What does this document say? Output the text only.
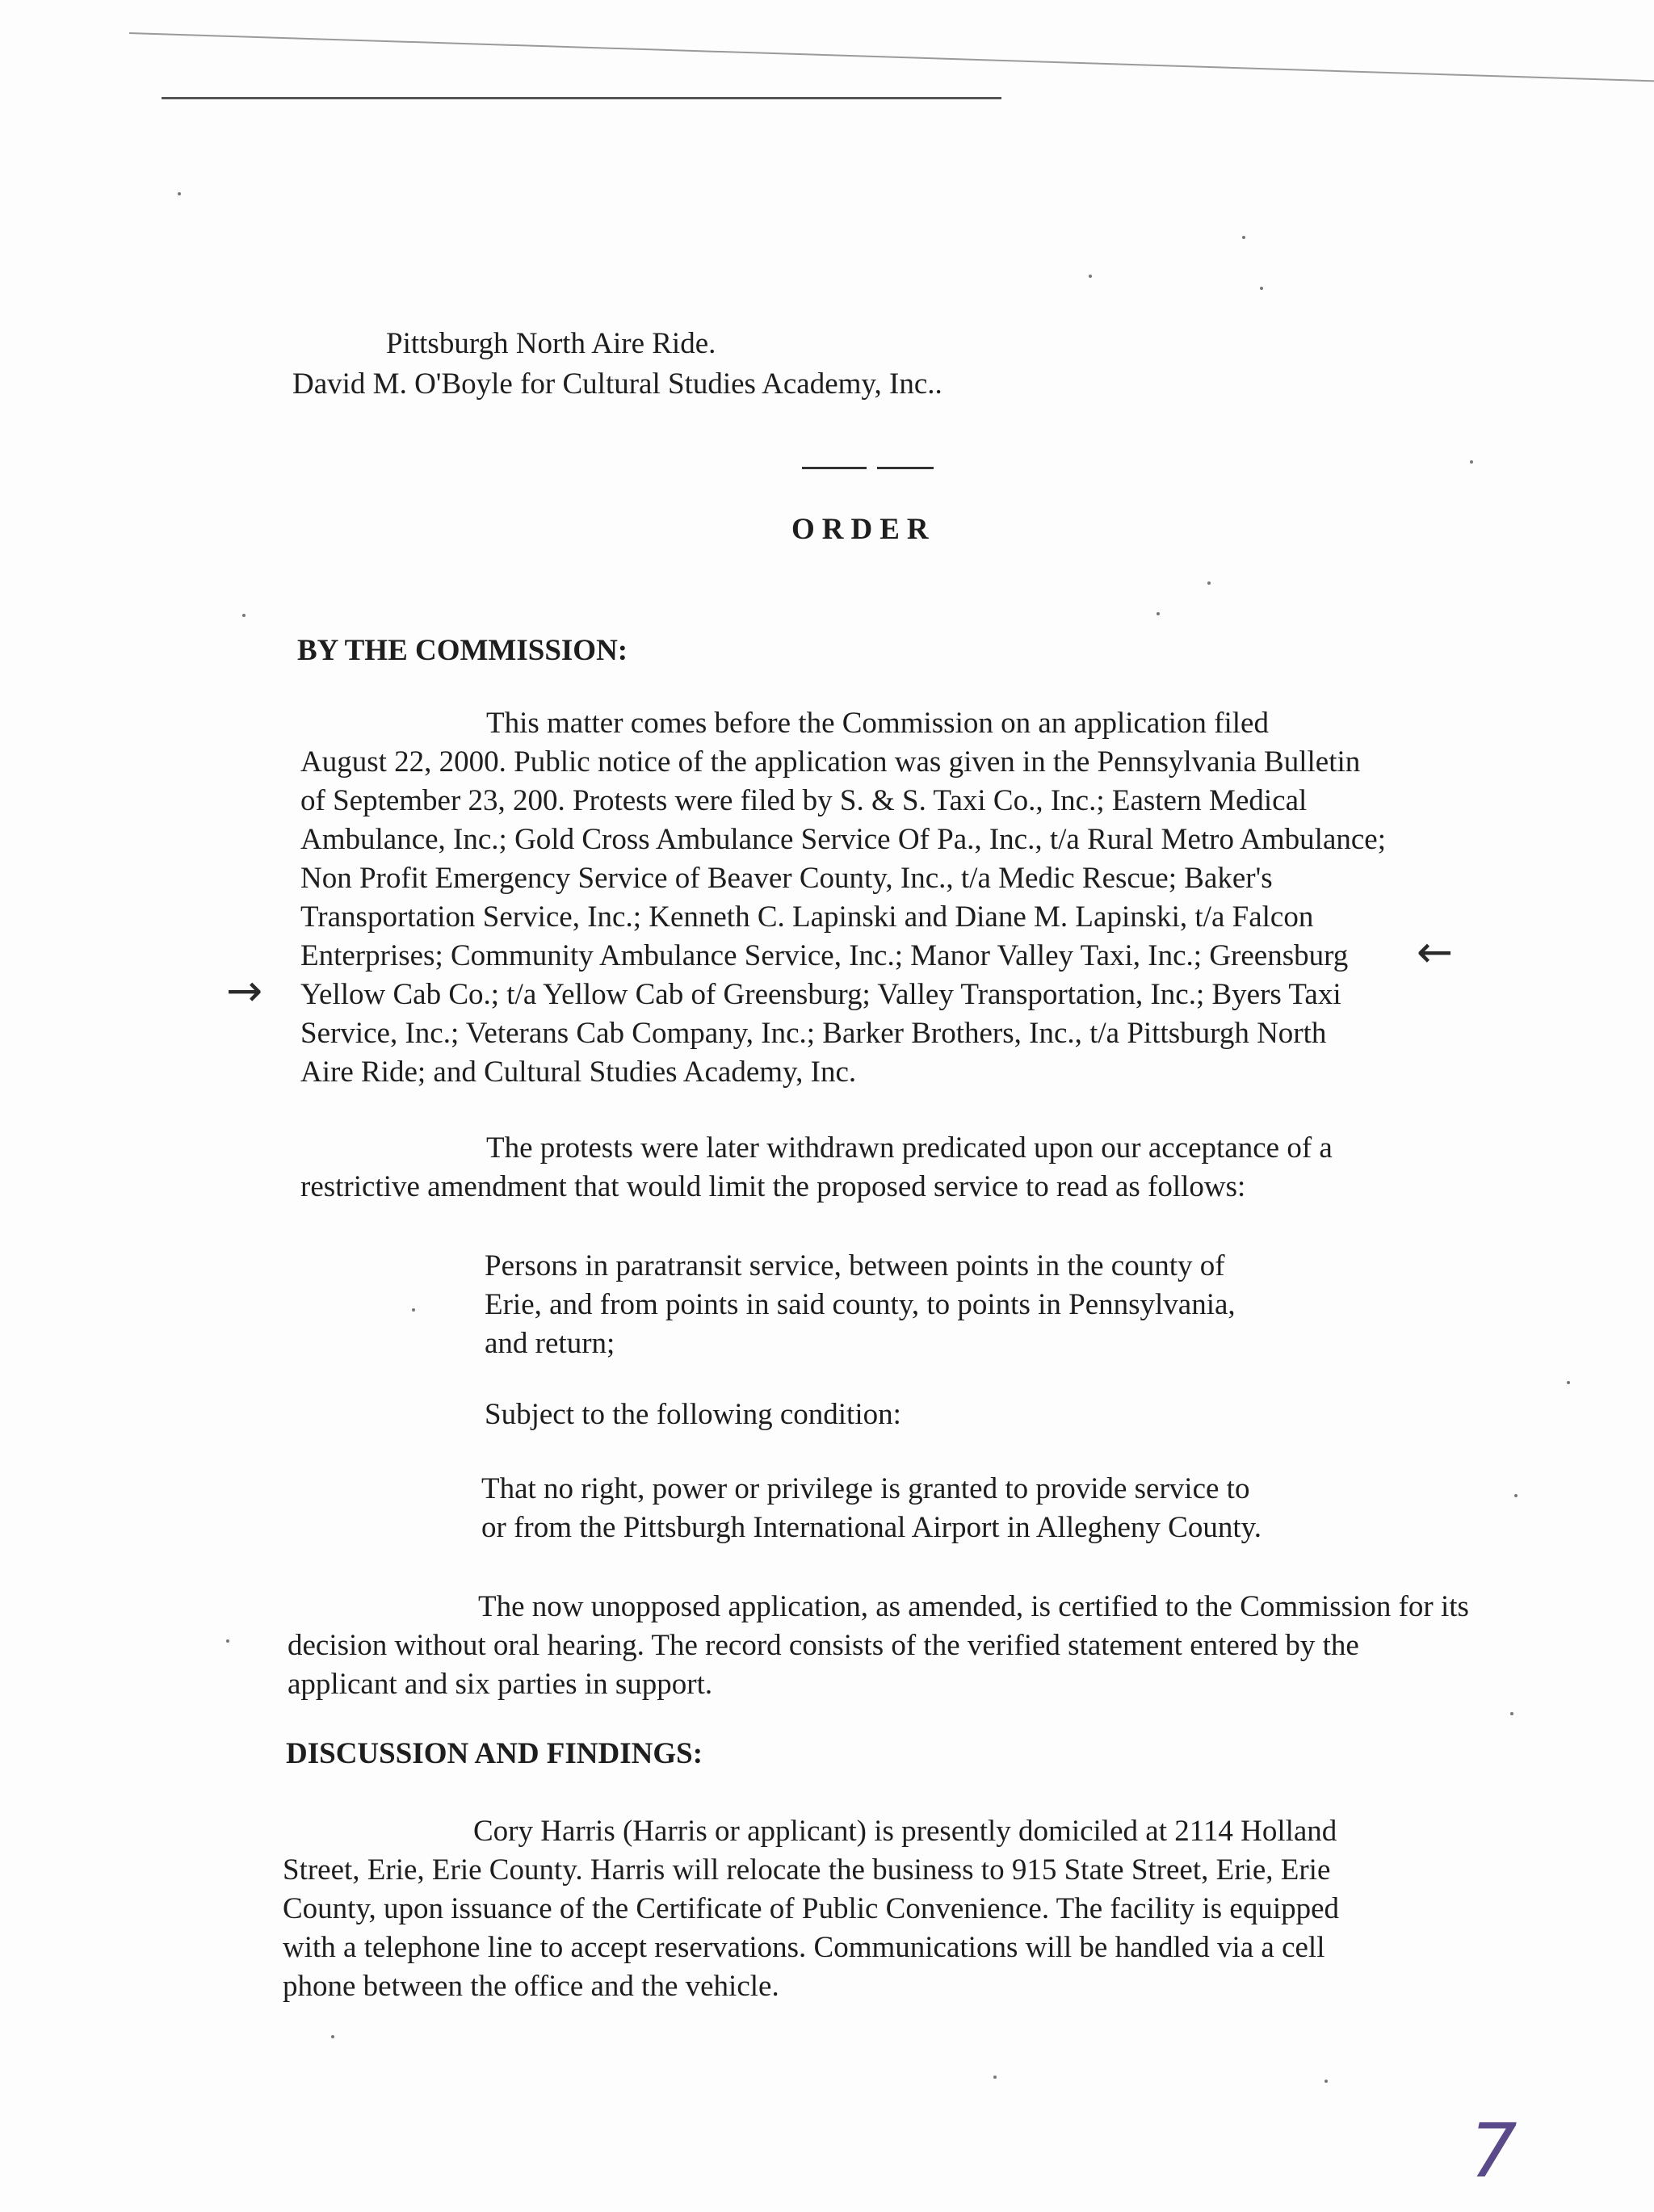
Pittsburgh North Aire Ride.
David M. O'Boyle for Cultural Studies Academy, Inc..
ORDER
BY THE COMMISSION:
This matter comes before the Commission on an application filed
August 22, 2000. Public notice of the application was given in the Pennsylvania Bulletin
of September 23, 200. Protests were filed by S. & S. Taxi Co., Inc.; Eastern Medical
Ambulance, Inc.; Gold Cross Ambulance Service Of Pa., Inc., t/a Rural Metro Ambulance;
Non Profit Emergency Service of Beaver County, Inc., t/a Medic Rescue; Baker's
Transportation Service, Inc.; Kenneth C. Lapinski and Diane M. Lapinski, t/a Falcon
Enterprises; Community Ambulance Service, Inc.; Manor Valley Taxi, Inc.; Greensburg
Yellow Cab Co.; t/a Yellow Cab of Greensburg; Valley Transportation, Inc.; Byers Taxi
Service, Inc.; Veterans Cab Company, Inc.; Barker Brothers, Inc., t/a Pittsburgh North
Aire Ride; and Cultural Studies Academy, Inc.
←
→
The protests were later withdrawn predicated upon our acceptance of a
restrictive amendment that would limit the proposed service to read as follows:
Persons in paratransit service, between points in the county of
Erie, and from points in said county, to points in Pennsylvania,
and return;
Subject to the following condition:
That no right, power or privilege is granted to provide service to
or from the Pittsburgh International Airport in Allegheny County.
The now unopposed application, as amended, is certified to the Commission for its
decision without oral hearing. The record consists of the verified statement entered by the
applicant and six parties in support.
DISCUSSION AND FINDINGS:
Cory Harris (Harris or applicant) is presently domiciled at 2114 Holland
Street, Erie, Erie County. Harris will relocate the business to 915 State Street, Erie, Erie
County, upon issuance of the Certificate of Public Convenience. The facility is equipped
with a telephone line to accept reservations. Communications will be handled via a cell
phone between the office and the vehicle.
7
